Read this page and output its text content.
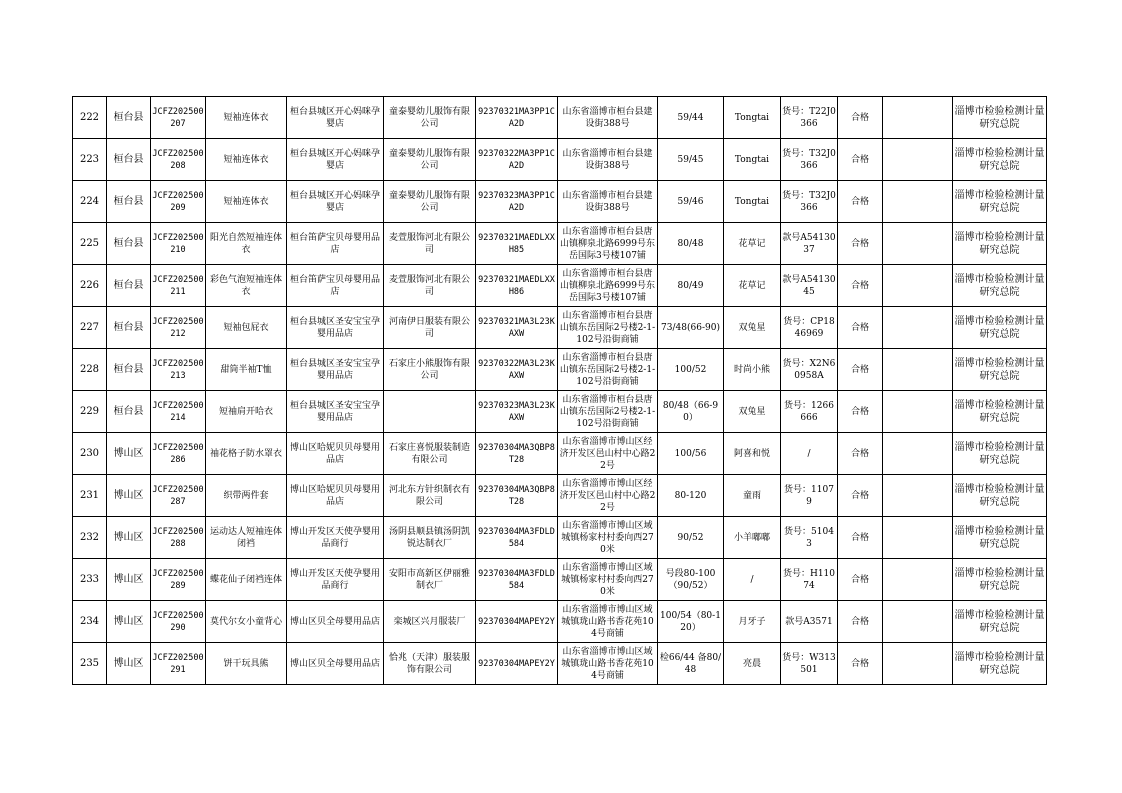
222	桓台县	JCFZ202500207	短袖连体衣	桓台县城区开心妈咪孕婴店	童泰婴幼儿服饰有限公司	92370321MA3PP1CA2D	山东省淄博市桓台县建设街388号	59/44	Tongtai	货号：T22J0366	合格		淄博市检验检测计量研究总院
223	桓台县	JCFZ202500208	短袖连体衣	桓台县城区开心妈咪孕婴店	童泰婴幼儿服饰有限公司	92370322MA3PP1CA2D	山东省淄博市桓台县建设街388号	59/45	Tongtai	货号：T32J0366	合格		淄博市检验检测计量研究总院
224	桓台县	JCFZ202500209	短袖连体衣	桓台县城区开心妈咪孕婴店	童泰婴幼儿服饰有限公司	92370323MA3PP1CA2D	山东省淄博市桓台县建设街388号	59/46	Tongtai	货号：T32J0366	合格		淄博市检验检测计量研究总院
225	桓台县	JCFZ202500210	阳光自然短袖连体衣	桓台笛萨宝贝母婴用品店	麦萱服饰河北有限公司	92370321MAEDLXXH85	山东省淄博市桓台县唐山镇柳泉北路6999号东岳国际3号楼107铺	80/48	花草记	款号A5413037	合格		淄博市检验检测计量研究总院
226	桓台县	JCFZ202500211	彩色气泡短袖连体衣	桓台笛萨宝贝母婴用品店	麦萱服饰河北有限公司	92370321MAEDLXXH86	山东省淄博市桓台县唐山镇柳泉北路6999号东岳国际3号楼107铺	80/49	花草记	款号A5413045	合格		淄博市检验检测计量研究总院
227	桓台县	JCFZ202500212	短袖包屁衣	桓台县城区圣安宝宝孕婴用品店	河南伊日服装有限公司	92370321MA3L23KAXW	山东省淄博市桓台县唐山镇东岳国际2号楼2-1-102号沿街商铺	73/48(66-90)	双兔星	货号：CP1846969	合格		淄博市检验检测计量研究总院
228	桓台县	JCFZ202500213	甜筒半袖T恤	桓台县城区圣安宝宝孕婴用品店	石家庄小熊服饰有限公司	92370322MA3L23KAXW	山东省淄博市桓台县唐山镇东岳国际2号楼2-1-102号沿街商铺	100/52	时尚小熊	货号：X2N60958A	合格		淄博市检验检测计量研究总院
229	桓台县	JCFZ202500214	短袖肩开哈衣	桓台县城区圣安宝宝孕婴用品店		92370323MA3L23KAXW	山东省淄博市桓台县唐山镇东岳国际2号楼2-1-102号沿街商铺	80/48（66-90）	双兔星	货号：1266666	合格		淄博市检验检测计量研究总院
230	博山区	JCFZ202500286	袖花格子防水罩衣	博山区哈妮贝贝母婴用品店	石家庄喜悦服装制造有限公司	92370304MA3QBP8T28	山东省淄博市博山区经济开发区邑山村中心路22号	100/56	阿喜和悦	/	合格		淄博市检验检测计量研究总院
231	博山区	JCFZ202500287	织带两件套	博山区哈妮贝贝母婴用品店	河北东方针织制衣有限公司	92370304MA3QBP8T28	山东省淄博市博山区经济开发区邑山村中心路22号	80-120	童雨	货号：11079	合格		淄博市检验检测计量研究总院
232	博山区	JCFZ202500288	运动达人短袖连体闭裆	博山开发区天使孕婴用品商行	汤阴县顺县镇汤阴凯锐达制衣厂	92370304MA3FDLD584	山东省淄博市博山区域城镇杨家村村委向西270米	90/52	小羊嘟嘟	货号：51043	合格		淄博市检验检测计量研究总院
233	博山区	JCFZ202500289	蝶花仙子闭裆连体	博山开发区天使孕婴用品商行	安阳市高新区伊丽雅制衣厂	92370304MA3FDLD584	山东省淄博市博山区域城镇杨家村村委向西270米	号段80-100（90/52）	/	货号：H11074	合格		淄博市检验检测计量研究总院
234	博山区	JCFZ202500290	莫代尔女小童背心	博山区贝全母婴用品店	栾城区兴月服装厂	92370304MAPEY2Y	山东省淄博市博山区域城镇珑山路书香花苑104号商铺	100/54（80-120）	月牙子	款号A3571	合格		淄博市检验检测计量研究总院
235	博山区	JCFZ202500291	饼干玩具熊	博山区贝全母婴用品店	恰兆（天津）服装服饰有限公司	92370304MAPEY2Y	山东省淄博市博山区域城镇珑山路书香花苑104号商铺	检66/44 备80/48	亮晨	货号：W313501	合格		淄博市检验检测计量研究总院
